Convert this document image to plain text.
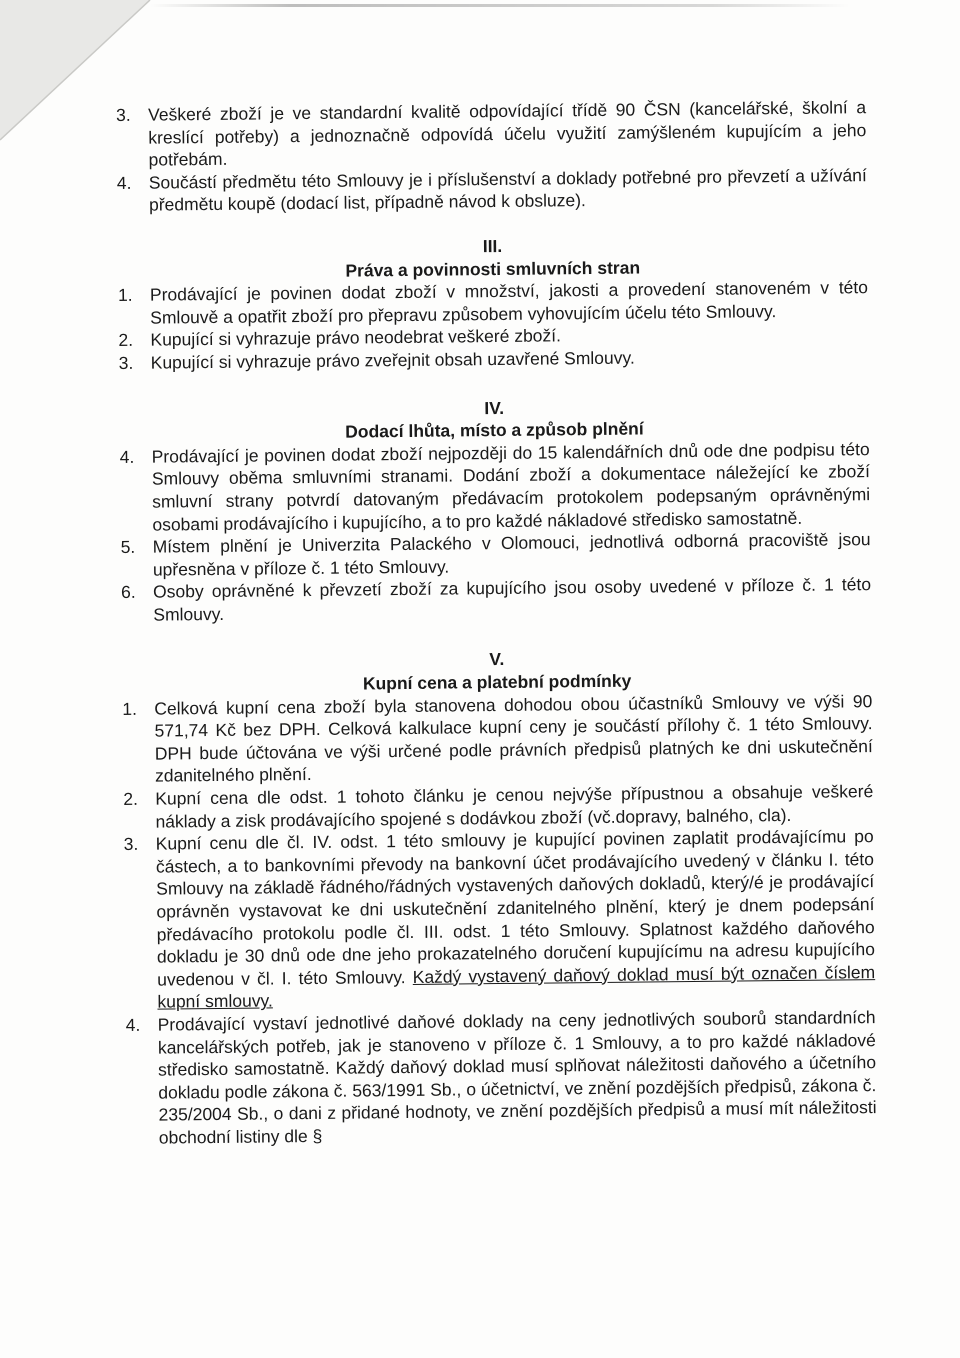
3. Veškeré zboží je ve standardní kvalitě odpovídající třídě 90 ČSN (kancelářské, školní a kreslící potřeby) a jednoznačně odpovídá účelu využití zamýšleném kupujícím a jeho potřebám.
4. Součástí předmětu této Smlouvy je i příslušenství a doklady potřebné pro převzetí a užívání předmětu koupě (dodací list, případně návod k obsluze).

III.

Práva a povinnosti smluvních stran

1. Prodávající je povinen dodat zboží v množství, jakosti a provedení stanoveném v této Smlouvě a opatřit zboží pro přepravu způsobem vyhovujícím účelu této Smlouvy.
2. Kupující si vyhrazuje právo neodebrat veškeré zboží.
3. Kupující si vyhrazuje právo zveřejnit obsah uzavřené Smlouvy.

IV.

Dodací lhůta, místo a způsob plnění

4. Prodávající je povinen dodat zboží nejpozději do 15 kalendářních dnů ode dne podpisu této Smlouvy oběma smluvními stranami. Dodání zboží a dokumentace náležející ke zboží smluvní strany potvrdí datovaným předávacím protokolem podepsaným oprávněnými osobami prodávajícího i kupujícího, a to pro každé nákladové středisko samostatně.
5. Místem plnění je Univerzita Palackého v Olomouci, jednotlivá odborná pracoviště jsou upřesněna v příloze č. 1 této Smlouvy.
6. Osoby oprávněné k převzetí zboží za kupujícího jsou osoby uvedené v příloze č. 1 této Smlouvy.

V.

Kupní cena a platební podmínky

1. Celková kupní cena zboží byla stanovena dohodou obou účastníků Smlouvy ve výši 90 571,74 Kč bez DPH. Celková kalkulace kupní ceny je součástí přílohy č. 1 této Smlouvy. DPH bude účtována ve výši určené podle právních předpisů platných ke dni uskutečnění zdanitelného plnění.
2. Kupní cena dle odst. 1 tohoto článku je cenou nejvýše přípustnou a obsahuje veškeré náklady a zisk prodávajícího spojené s dodávkou zboží (vč.dopravy, balného, cla).
3. Kupní cenu dle čl. IV. odst. 1 této smlouvy je kupující povinen zaplatit prodávajícímu po částech, a to bankovními převody na bankovní účet prodávajícího uvedený v článku I. této Smlouvy na základě řádného/řádných vystavených daňových dokladů, který/é je prodávající oprávněn vystavovat ke dni uskutečnění zdanitelného plnění, který je dnem podepsání předávacího protokolu podle čl. III. odst. 1 této Smlouvy. Splatnost každého daňového dokladu je 30 dnů ode dne jeho prokazatelného doručení kupujícímu na adresu kupujícího uvedenou v čl. I. této Smlouvy. Každý vystavený daňový doklad musí být označen číslem kupní smlouvy.
4. Prodávající vystaví jednotlivé daňové doklady na ceny jednotlivých souborů standardních kancelářských potřeb, jak je stanoveno v příloze č. 1 Smlouvy, a to pro každé nákladové středisko samostatně. Každý daňový doklad musí splňovat náležitosti daňového a účetního dokladu podle zákona č. 563/1991 Sb., o účetnictví, ve znění pozdějších předpisů, zákona č. 235/2004 Sb., o dani z přidané hodnoty, ve znění pozdějších předpisů a musí mít náležitosti obchodní listiny dle §
